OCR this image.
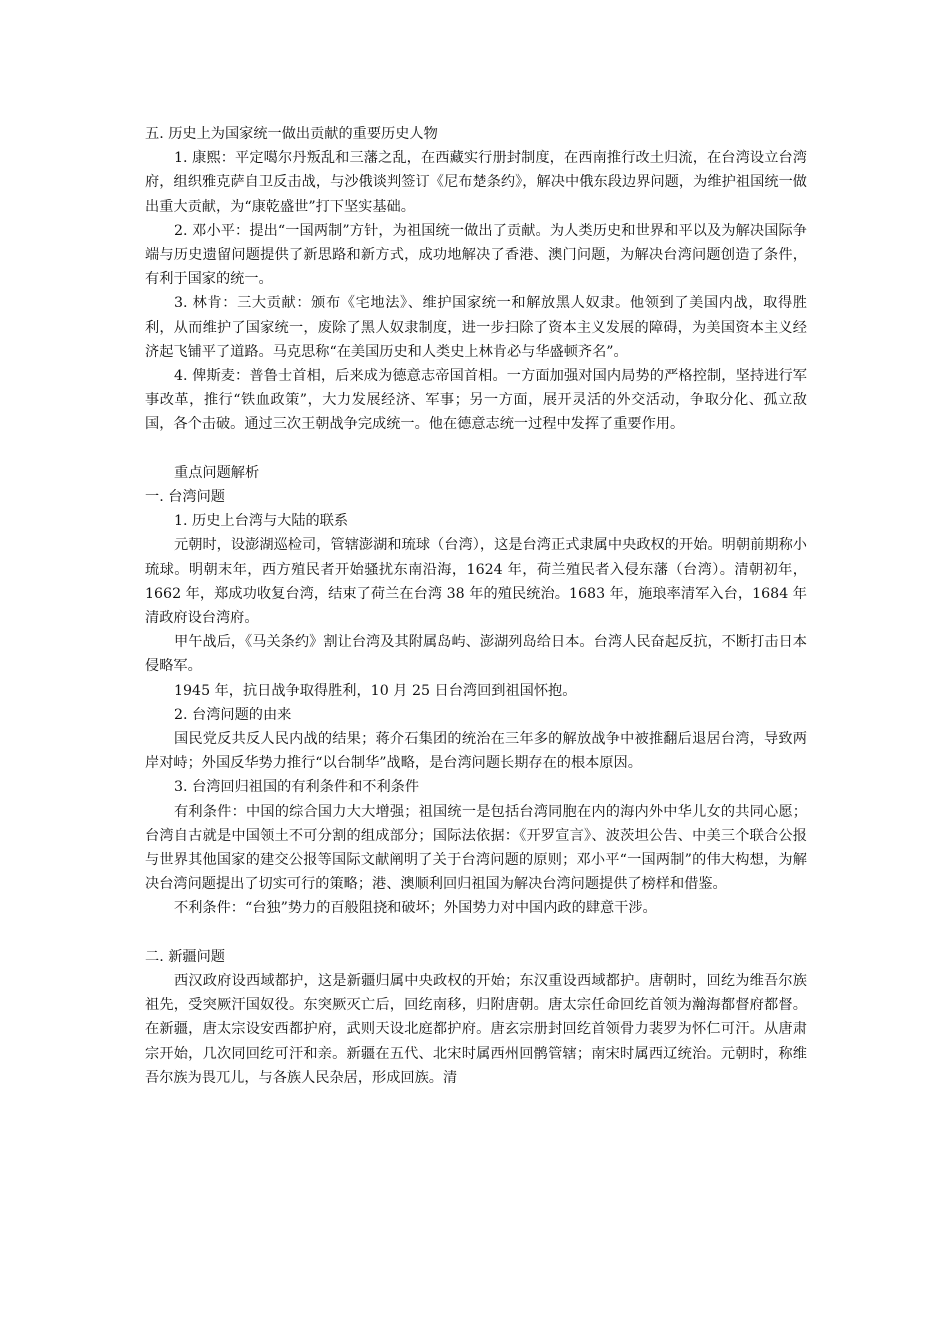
五. 历史上为国家统一做出贡献的重要历史人物

1. 康熙：平定噶尔丹叛乱和三藩之乱，在西藏实行册封制度，在西南推行改土归流，在台湾设立台湾府，组织雅克萨自卫反击战，与沙俄谈判签订《尼布楚条约》，解决中俄东段边界问题，为维护祖国统一做出重大贡献，为“康乾盛世”打下坚实基础。

2. 邓小平：提出“一国两制”方针，为祖国统一做出了贡献。为人类历史和世界和平以及为解决国际争端与历史遗留问题提供了新思路和新方式，成功地解决了香港、澳门问题，为解决台湾问题创造了条件，有利于国家的统一。

3. 林肯：三大贡献：颁布《宅地法》、维护国家统一和解放黑人奴隶。他领到了美国内战，取得胜利，从而维护了国家统一，废除了黑人奴隶制度，进一步扫除了资本主义发展的障碍，为美国资本主义经济起飞铺平了道路。马克思称“在美国历史和人类史上林肯必与华盛顿齐名”。

4. 俾斯麦：普鲁士首相，后来成为德意志帝国首相。一方面加强对国内局势的严格控制，坚持进行军事改革，推行“铁血政策”，大力发展经济、军事；另一方面，展开灵活的外交活动，争取分化、孤立敌国，各个击破。通过三次王朝战争完成统一。他在德意志统一过程中发挥了重要作用。

重点问题解析

一. 台湾问题

1. 历史上台湾与大陆的联系

元朝时，设澎湖巡检司，管辖澎湖和琉球（台湾），这是台湾正式隶属中央政权的开始。明朝前期称小琉球。明朝末年，西方殖民者开始骚扰东南沿海，1624 年，荷兰殖民者入侵东藩（台湾）。清朝初年，1662 年，郑成功收复台湾，结束了荷兰在台湾 38 年的殖民统治。1683 年，施琅率清军入台，1684 年清政府设台湾府。

甲午战后，《马关条约》割让台湾及其附属岛屿、澎湖列岛给日本。台湾人民奋起反抗，不断打击日本侵略军。

1945 年，抗日战争取得胜利，10 月 25 日台湾回到祖国怀抱。

2. 台湾问题的由来

国民党反共反人民内战的结果；蒋介石集团的统治在三年多的解放战争中被推翻后退居台湾，导致两岸对峙；外国反华势力推行“以台制华”战略，是台湾问题长期存在的根本原因。

3. 台湾回归祖国的有利条件和不利条件

有利条件：中国的综合国力大大增强；祖国统一是包括台湾同胞在内的海内外中华儿女的共同心愿；台湾自古就是中国领土不可分割的组成部分；国际法依据：《开罗宣言》、波茨坦公告、中美三个联合公报与世界其他国家的建交公报等国际文献阐明了关于台湾问题的原则；邓小平“一国两制”的伟大构想，为解决台湾问题提出了切实可行的策略；港、澳顺利回归祖国为解决台湾问题提供了榜样和借鉴。

不利条件：“台独”势力的百般阻挠和破坏；外国势力对中国内政的肆意干涉。

二. 新疆问题

西汉政府设西域都护，这是新疆归属中央政权的开始；东汉重设西域都护。唐朝时，回纥为维吾尔族祖先，受突厥汗国奴役。东突厥灭亡后，回纥南移，归附唐朝。唐太宗任命回纥首领为瀚海都督府都督。在新疆，唐太宗设安西都护府，武则天设北庭都护府。唐玄宗册封回纥首领骨力裴罗为怀仁可汗。从唐肃宗开始，几次同回纥可汗和亲。新疆在五代、北宋时属西州回鹘管辖；南宋时属西辽统治。元朝时，称维吾尔族为畏兀儿，与各族人民杂居，形成回族。清
